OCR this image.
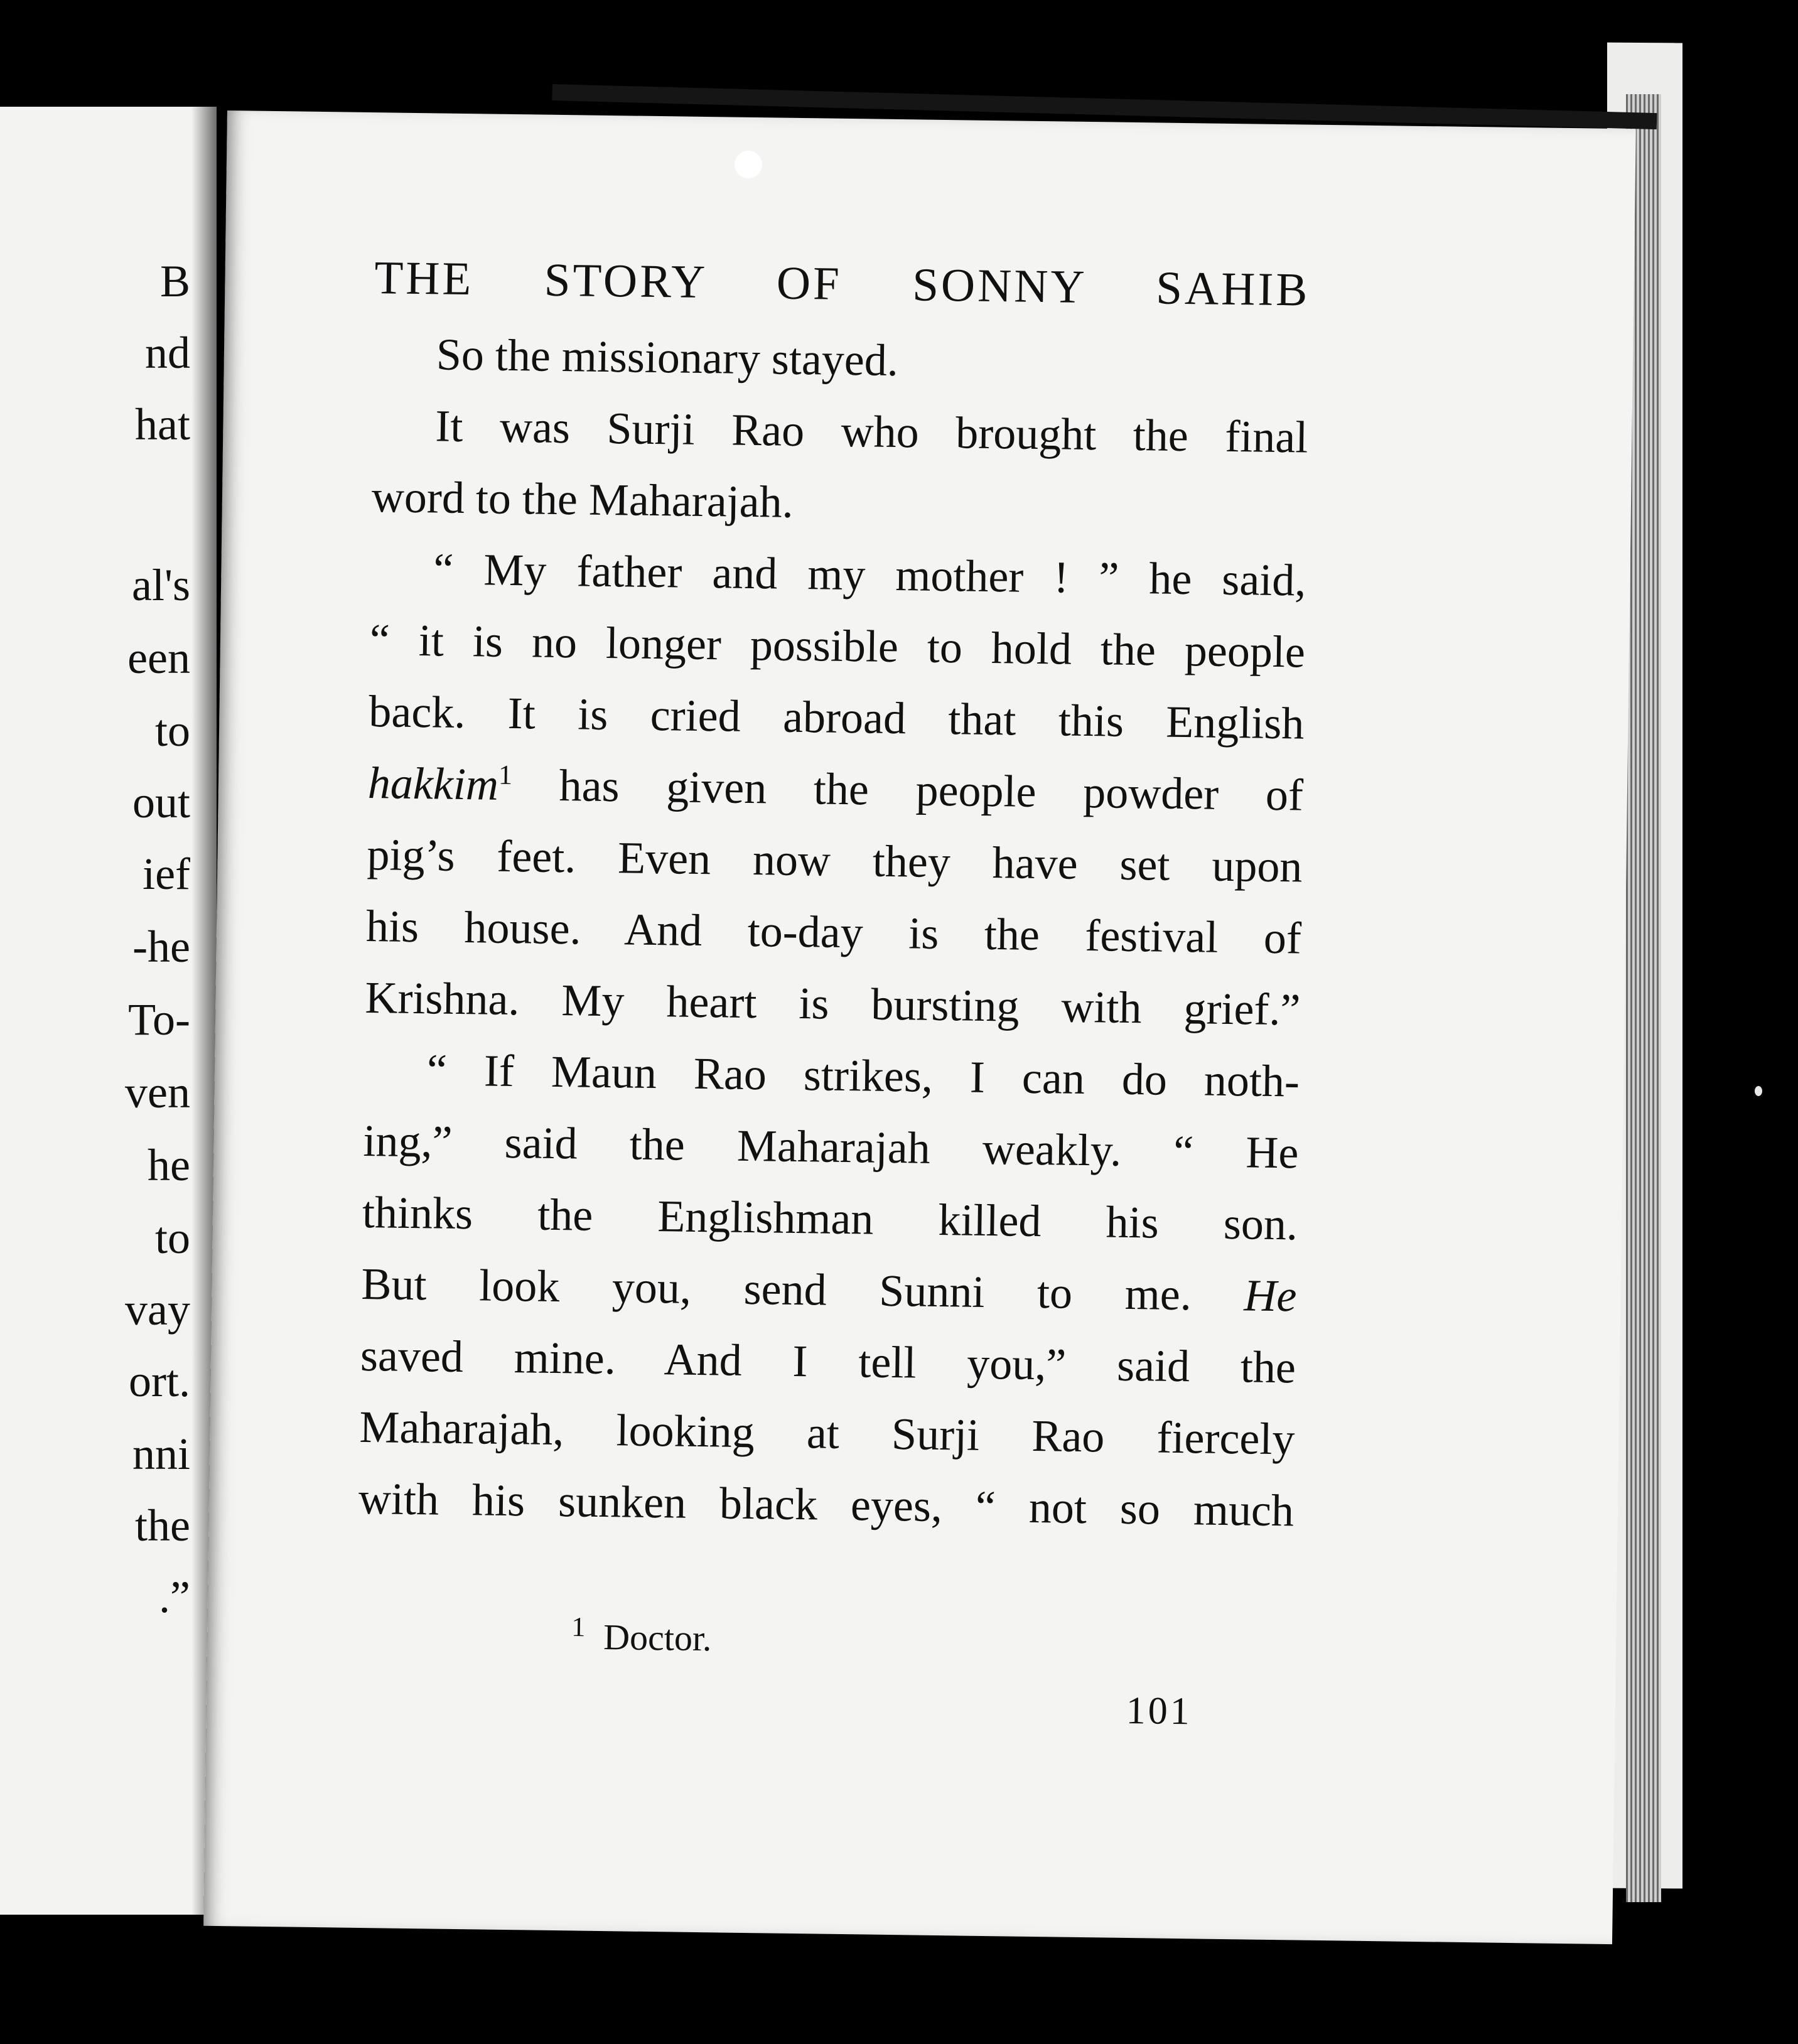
B
nd
hat
al's
een
to
out
ief
-he
To-
ven
he
to
vay
ort.
nni
the
.”
THE STORY OF SONNY SAHIB
So the missionary stayed.
It was Surji Rao who brought the final
word to the Maharajah.
“ My father and my mother ! ” he said,
“ it is no longer possible to hold the people
back. It is cried abroad that this English
hakkim$^1$ has given the people powder of
pig’s feet. Even now they have set upon
his house. And to-day is the festival of
Krishna. My heart is bursting with grief.”
“ If Maun Rao strikes, I can do noth-
ing,” said the Maharajah weakly. “ He
thinks the Englishman killed his son.
But look you, send Sunni to me. He
saved mine. And I tell you,” said the
Maharajah, looking at Surji Rao fiercely
with his sunken black eyes, “ not so much
$^1$ Doctor.
101
